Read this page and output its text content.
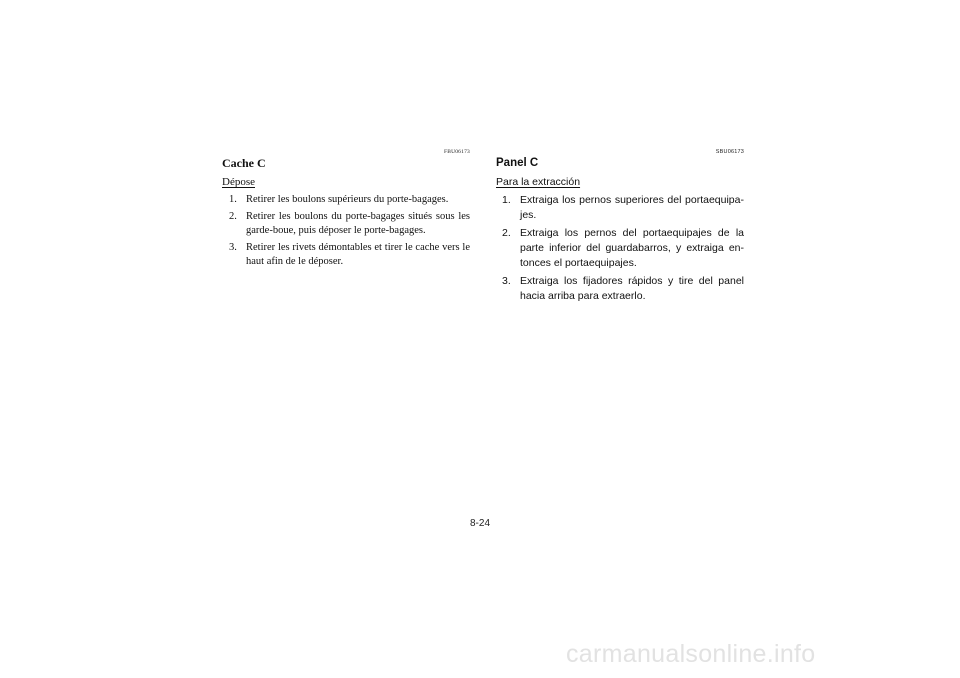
FBU06173
Cache C
Dépose
1. Retirer les boulons supérieurs du porte-bagages.
2. Retirer les boulons du porte-bagages situés sous les garde-boue, puis déposer le porte-bagages.
3. Retirer les rivets démontables et tirer le cache vers le haut afin de le déposer.
SBU06173
Panel C
Para la extracción
1. Extraiga los pernos superiores del portaequipa-jes.
2. Extraiga los pernos del portaequipajes de la parte inferior del guardabarros, y extraiga en-tonces el portaequipajes.
3. Extraiga los fijadores rápidos y tire del panel hacia arriba para extraerlo.
8-24
carmanualsonline.info
